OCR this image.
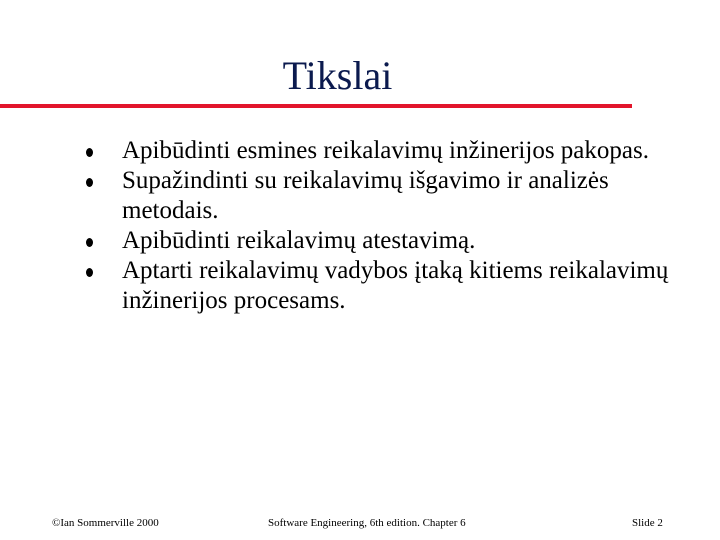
Tikslai
Apibūdinti esmines reikalavimų inžinerijos pakopas.
Supažindinti su reikalavimų išgavimo ir analizės metodais.
Apibūdinti reikalavimų atestavimą.
Aptarti reikalavimų vadybos įtaką kitiems reikalavimų inžinerijos procesams.
©Ian Sommerville 2000	Software Engineering, 6th edition. Chapter 6	Slide 2
